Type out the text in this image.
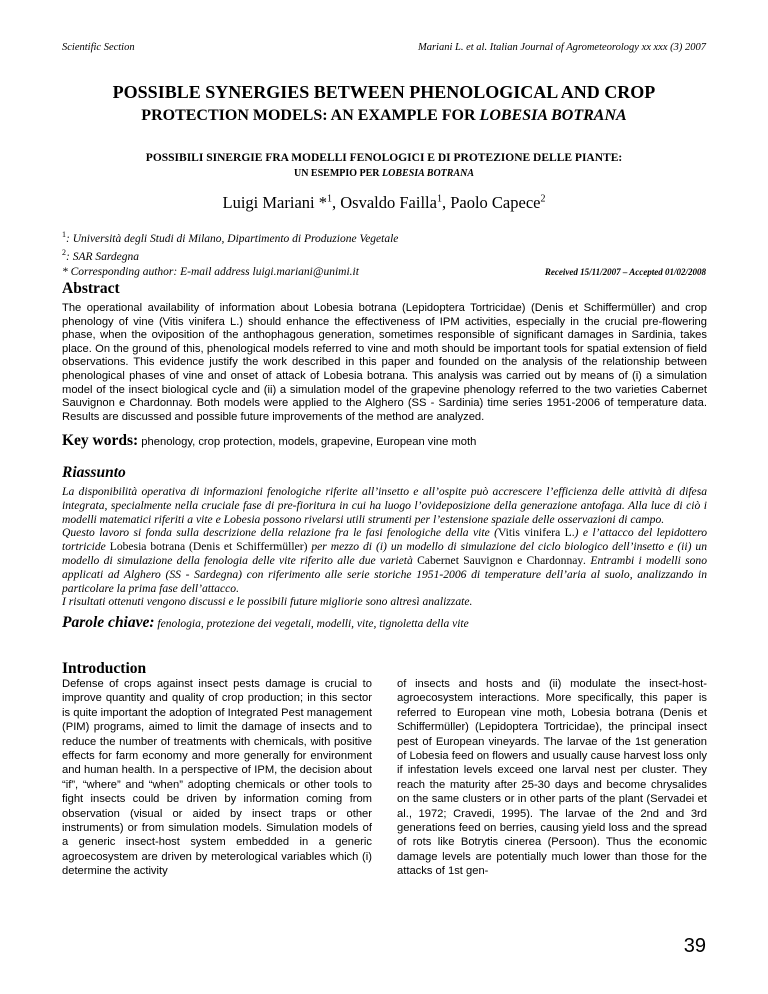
Scientific Section	Mariani L. et al. Italian Journal of Agrometeorology xx xxx (3) 2007
POSSIBLE SYNERGIES BETWEEN PHENOLOGICAL AND CROP
PROTECTION MODELS: AN EXAMPLE FOR LOBESIA BOTRANA
POSSIBILI SINERGIE FRA MODELLI FENOLOGICI E DI PROTEZIONE DELLE PIANTE:
UN ESEMPIO PER LOBESIA BOTRANA
Luigi Mariani *$^1$, Osvaldo Failla$^1$, Paolo Capece$^2$
$^1$: Università degli Studi di Milano, Dipartimento di Produzione Vegetale
$^2$: SAR Sardegna
* Corresponding author: E-mail address luigi.mariani@unimi.it	Received 15/11/2007 – Accepted 01/02/2008
Abstract
The operational availability of information about Lobesia botrana (Lepidoptera Tortricidae) (Denis et Schiffermüller) and crop phenology of vine (Vitis vinifera L.) should enhance the effectiveness of IPM activities, especially in the crucial pre-flowering phase, when the oviposition of the anthophagous generation, sometimes responsible of significant damages in Sardinia, takes place. On the ground of this, phenological models referred to vine and moth should be important tools for spatial extension of field observations. This evidence justify the work described in this paper and founded on the analysis of the relationship between phenological phases of vine and onset of attack of Lobesia botrana. This analysis was carried out by means of (i) a simulation model of the insect biological cycle and (ii) a simulation model of the grapevine phenology referred to the two varieties Cabernet Sauvignon e Chardonnay. Both models were applied to the Alghero (SS - Sardinia) time series 1951-2006 of temperature data. Results are discussed and possible future improvements of the method are analyzed.
Key words: phenology, crop protection, models, grapevine, European vine moth
Riassunto

La disponibilità operativa di informazioni fenologiche riferite all’insetto e all’ospite può accrescere l’efficienza delle attività di difesa integrata, specialmente nella cruciale fase di pre-fioritura in cui ha luogo l’ovideposizione della generazione antofaga. Alla luce di ciò i modelli matematici riferiti a vite e Lobesia possono rivelarsi utili strumenti per l’estensione spaziale delle osservazioni di campo.

Questo lavoro si fonda sulla descrizione della relazione fra le fasi fenologiche della vite (Vitis vinifera L.) e l’attacco del lepidottero tortricide Lobesia botrana (Denis et Schiffermüller) per mezzo di (i) un modello di simulazione del ciclo biologico dell’insetto e (ii) un modello di simulazione della fenologia delle vite riferito alle due varietà Cabernet Sauvignon e Chardonnay. Entrambi i modelli sono applicati ad Alghero (SS - Sardegna) con riferimento alle serie storiche 1951-2006 di temperature dell’aria al suolo, analizzando in particolare la prima fase dell’attacco.

I risultati ottenuti vengono discussi e le possibili future migliorie sono altresì analizzate.

Parole chiave: fenologia, protezione dei vegetali, modelli, vite, tignoletta della vite
Introduction
Defense of crops against insect pests damage is crucial to improve quantity and quality of crop production; in this sector is quite important the adoption of Integrated Pest management (PIM) programs, aimed to limit the damage of insects and to reduce the number of treatments with chemicals, with positive effects for farm economy and more generally for environment and human health. In a perspective of IPM, the decision about “if”, “where” and “when” adopting chemicals or other tools to fight insects could be driven by information coming from observation (visual or aided by insect traps or other instruments) or from simulation models. Simulation models of a generic insect-host system embedded in a generic agroecosystem are driven by meterological variables which (i) determine the activity
of insects and hosts and (ii) modulate the insect-host-agroecosystem interactions. More specifically, this paper is referred to European vine moth, Lobesia botrana (Denis et Schiffermüller) (Lepidoptera Tortricidae), the principal insect pest of European vineyards. The larvae of the 1st generation of Lobesia feed on flowers and usually cause harvest loss only if infestation levels exceed one larval nest per cluster. They reach the maturity after 25-30 days and become chrysalides on the same clusters or in other parts of the plant (Servadei et al., 1972; Cravedi, 1995). The larvae of the 2nd and 3rd generations feed on berries, causing yield loss and the spread of rots like Botrytis cinerea (Persoon). Thus the economic damage levels are potentially much lower than those for the attacks of 1st gen-
39
